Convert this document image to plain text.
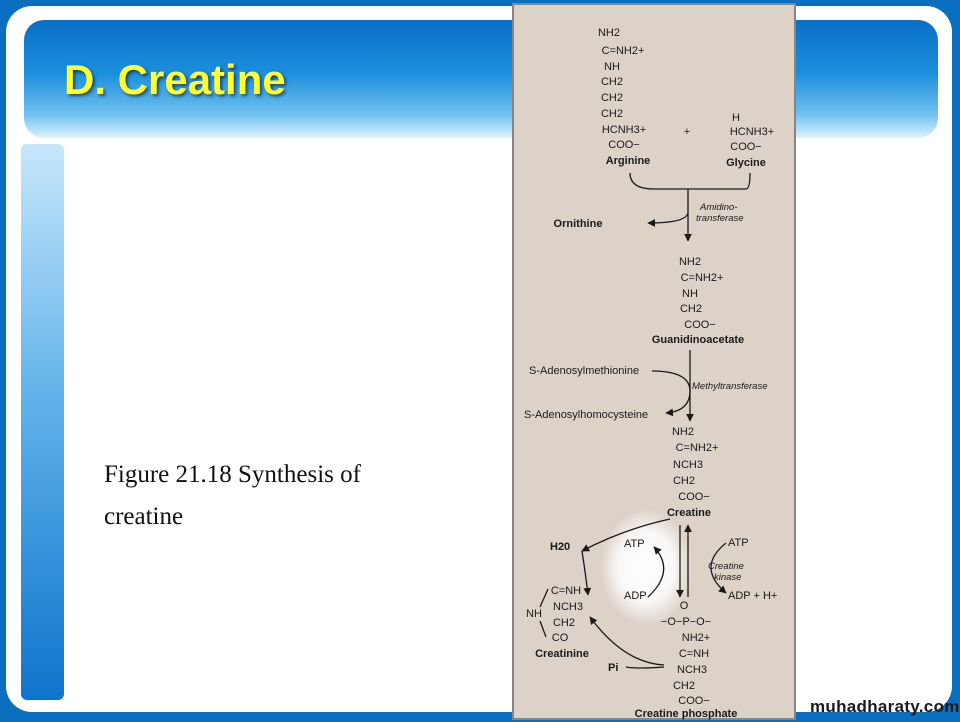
D. Creatine

Figure 21.18 Synthesis of creatine

NH2
C=NH2+
NH
CH2
CH2
CH2
HCNH3+
COO−
Arginine
+
H
HCNH3+
COO−
Glycine
Ornithine
Amidino-
transferase
NH2
C=NH2+
NH
CH2
COO−
Guanidinoacetate
S-Adenosylmethionine
S-Adenosylhomocysteine
Methyltransferase
NH2
C=NH2+
NCH3
CH2
COO−
Creatine
ATP
ADP
ATP
ADP + H+
Creatine
kinase
H20
C=NH
NCH3
NH
CH2
CO
Creatinine
Pi
O
−O−P−O−
NH2+
C=NH
NCH3
CH2
COO−
Creatine phosphate	muhadharaty.com
